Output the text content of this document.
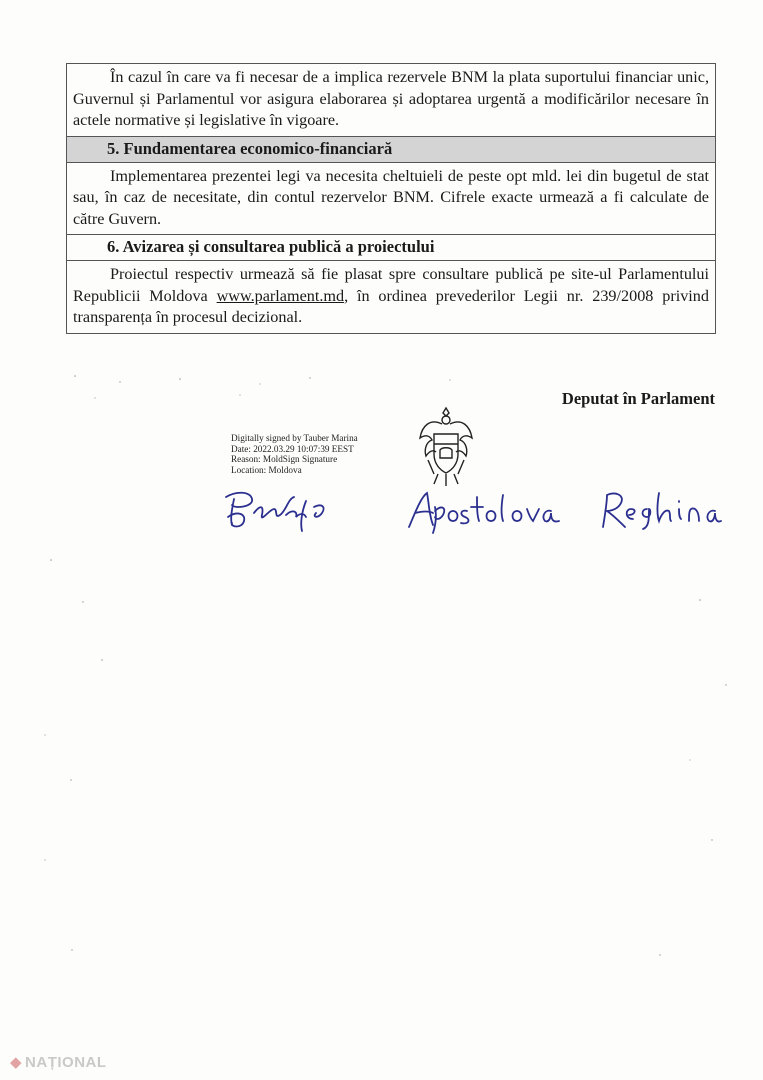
În cazul în care va fi necesar de a implica rezervele BNM la plata suportului financiar unic, Guvernul și Parlamentul vor asigura elaborarea și adoptarea urgentă a modificărilor necesare în actele normative și legislative în vigoare.
5. Fundamentarea economico-financiară
Implementarea prezentei legi va necesita cheltuieli de peste opt mld. lei din bugetul de stat sau, în caz de necesitate, din contul rezervelor BNM. Cifrele exacte urmează a fi calculate de către Guvern.
6. Avizarea și consultarea publică a proiectului
Proiectul respectiv urmează să fie plasat spre consultare publică pe site-ul Parlamentului Republicii Moldova www.parlament.md, în ordinea prevederilor Legii nr. 239/2008 privind transparența în procesul decizional.
Deputat în Parlament
Digitally signed by Tauber Marina
Date: 2022.03.29 10:07:39 EEST
Reason: MoldSign Signature
Location: Moldova
◆ NAȚIONAL
